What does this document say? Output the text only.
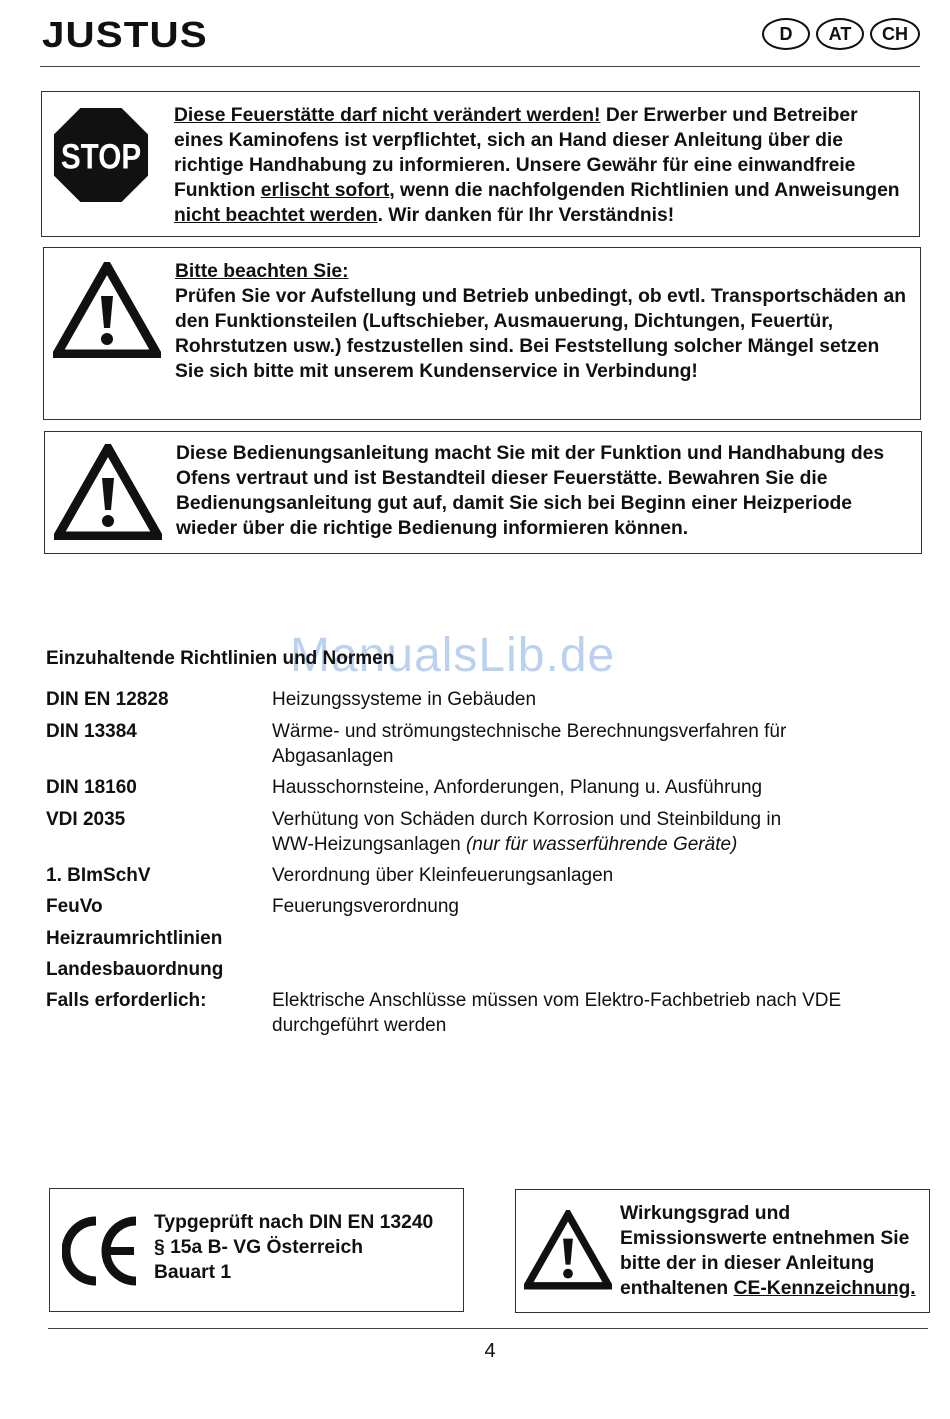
JUSTUS	D	AT	CH
STOP
Diese Feuerstätte darf nicht verändert werden! Der Erwerber und Betreiber eines Kaminofens ist verpflichtet, sich an Hand dieser Anleitung über die richtige Handhabung zu informieren. Unsere Gewähr für eine einwandfreie Funktion erlischt sofort, wenn die nachfolgenden Richtlinien und Anweisungen nicht beachtet werden. Wir danken für Ihr Verständnis!
Bitte beachten Sie:
Prüfen Sie vor Aufstellung und Betrieb unbedingt, ob evtl. Transportschäden an den Funktionsteilen (Luftschieber, Ausmauerung, Dichtungen, Feuertür, Rohrstutzen usw.) festzustellen sind. Bei Feststellung solcher Mängel setzen Sie sich bitte mit unserem Kundenservice in Verbindung!
Diese Bedienungsanleitung macht Sie mit der Funktion und Handhabung des Ofens vertraut und ist Bestandteil dieser Feuerstätte. Bewahren Sie die Bedienungsanleitung gut auf, damit Sie sich bei Beginn einer Heizperiode wieder über die richtige Bedienung informieren können.
ManualsLib.de
Einzuhaltende Richtlinien und Normen
DIN EN 12828	Heizungssysteme in Gebäuden
DIN 13384	Wärme- und strömungstechnische Berechnungsverfahren für Abgasanlagen
DIN 18160	Hausschornsteine, Anforderungen, Planung u. Ausführung
VDI 2035	Verhütung von Schäden durch Korrosion und Steinbildung in WW-Heizungsanlagen (nur für wasserführende Geräte)
1. BImSchV	Verordnung über Kleinfeuerungsanlagen
FeuVo	Feuerungsverordnung
Heizraumrichtlinien
Landesbauordnung
Falls erforderlich:	Elektrische Anschlüsse müssen vom Elektro-Fachbetrieb nach VDE durchgeführt werden
Typgeprüft nach DIN EN 13240
§ 15a B- VG Österreich
Bauart 1
Wirkungsgrad und Emissionswerte entnehmen Sie bitte der in dieser Anleitung enthaltenen CE-Kennzeichnung.
4
